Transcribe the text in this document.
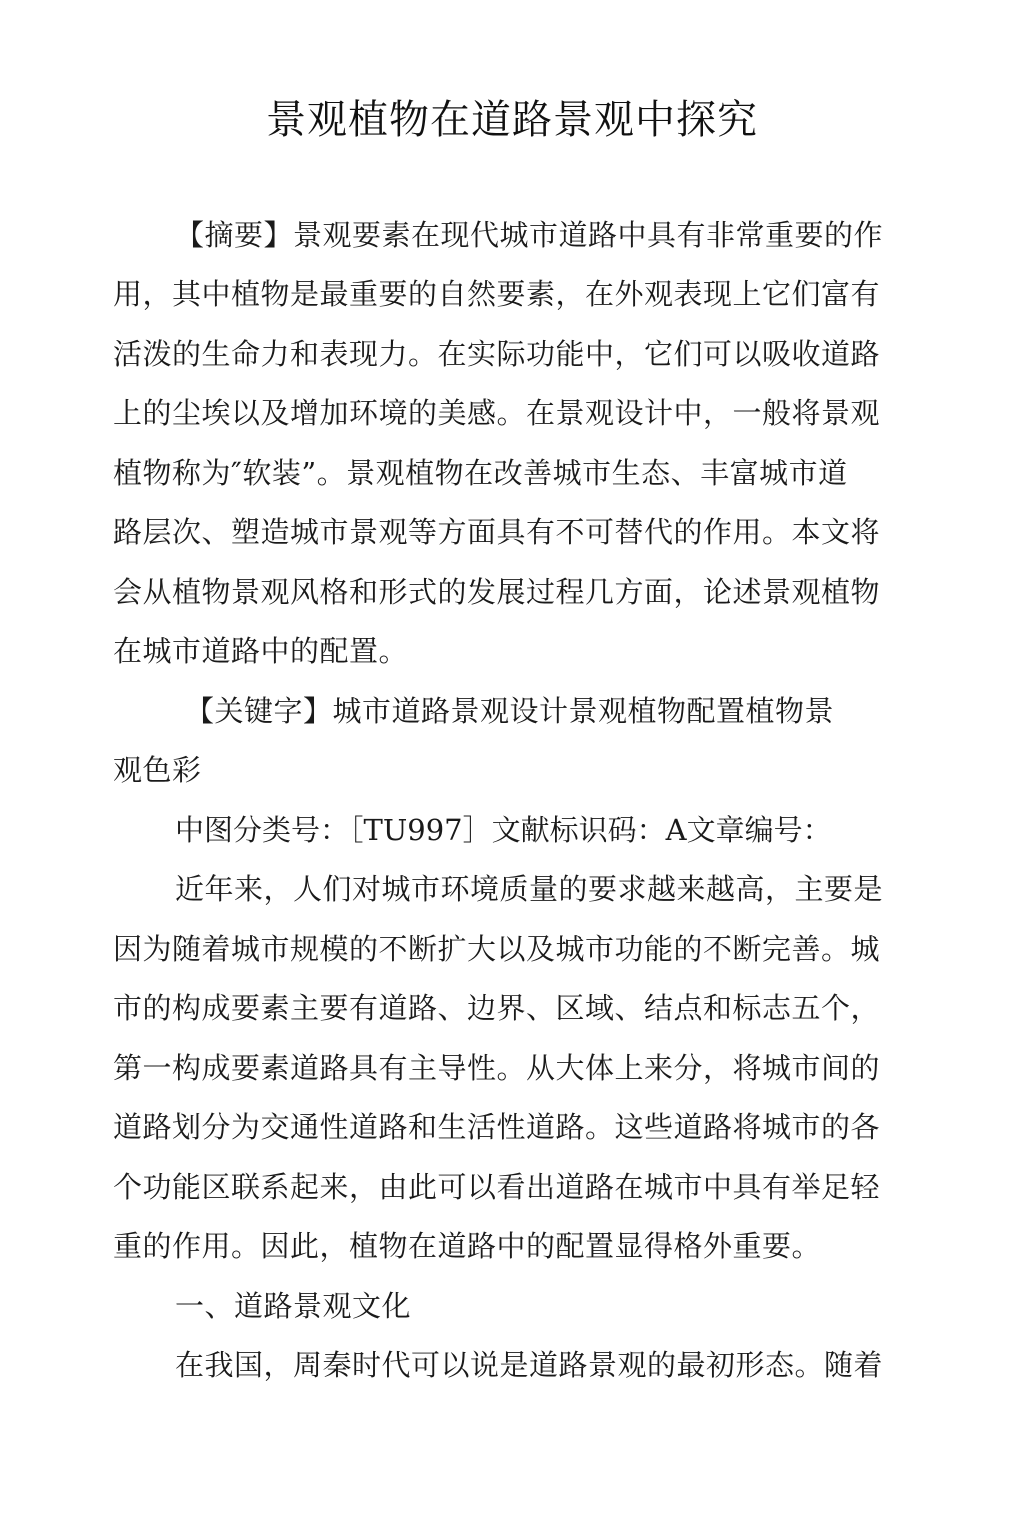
景观植物在道路景观中探究
【摘要】景观要素在现代城市道路中具有非常重要的作
用，其中植物是最重要的自然要素，在外观表现上它们富有
活泼的生命力和表现力。在实际功能中，它们可以吸收道路
上的尘埃以及增加环境的美感。在景观设计中，一般将景观
植物称为″软装”。景观植物在改善城市生态、丰富城市道
路层次、塑造城市景观等方面具有不可替代的作用。本文将
会从植物景观风格和形式的发展过程几方面，论述景观植物
在城市道路中的配置。
【关键字】城市道路景观设计景观植物配置植物景
观色彩
中图分类号：［TU997］文献标识码：A文章编号：
近年来，人们对城市环境质量的要求越来越高，主要是
因为随着城市规模的不断扩大以及城市功能的不断完善。城
市的构成要素主要有道路、边界、区域、结点和标志五个，
第一构成要素道路具有主导性。从大体上来分，将城市间的
道路划分为交通性道路和生活性道路。这些道路将城市的各
个功能区联系起来，由此可以看出道路在城市中具有举足轻
重的作用。因此，植物在道路中的配置显得格外重要。
一、道路景观文化
在我国，周秦时代可以说是道路景观的最初形态。随着
